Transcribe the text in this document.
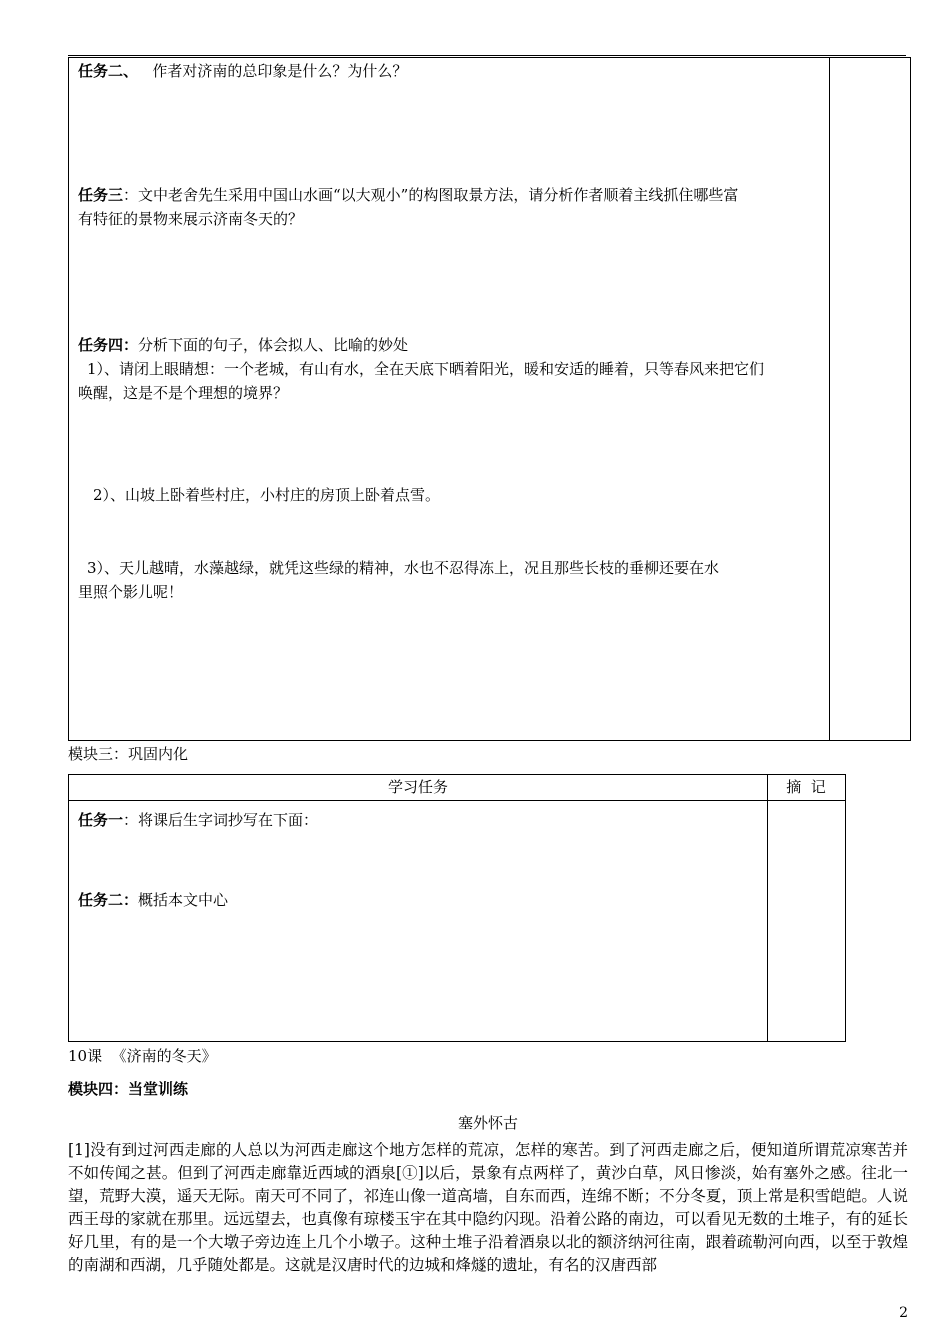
任务二、 作者对济南的总印象是什么？为什么？
任务三：文中老舍先生采用中国山水画“以大观小”的构图取景方法，请分析作者顺着主线抓住哪些富
有特征的景物来展示济南冬天的？
任务四：分析下面的句子，体会拟人、比喻的妙处
1）、请闭上眼睛想：一个老城，有山有水，全在天底下晒着阳光，暖和安适的睡着，只等春风来把它们
唤醒，这是不是个理想的境界？
2）、山坡上卧着些村庄，小村庄的房顶上卧着点雪。
3）、天儿越晴，水藻越绿，就凭这些绿的精神，水也不忍得冻上，况且那些长枝的垂柳还要在水
里照个影儿呢！
模块三：巩固内化
学习任务	摘  记
任务一：将课后生字词抄写在下面：
任务二：概括本文中心
10课  《济南的冬天》
模块四：当堂训练
塞外怀古
[1]没有到过河西走廊的人总以为河西走廊这个地方怎样的荒凉，怎样的寒苦。到了河西走廊之后，便知道所谓荒凉寒苦并不如传闻之甚。但到了河西走廊靠近西域的酒泉[①]以后，景象有点两样了，黄沙白草，风日惨淡，始有塞外之感。往北一望，荒野大漠，遥天无际。南天可不同了，祁连山像一道高墙，自东而西，连绵不断；不分冬夏，顶上常是积雪皑皑。人说西王母的家就在那里。远远望去，也真像有琼楼玉宇在其中隐约闪现。沿着公路的南边，可以看见无数的土堆子，有的延长好几里，有的是一个大墩子旁边连上几个小墩子。这种土堆子沿着酒泉以北的额济纳河往南，跟着疏勒河向西，以至于敦煌的南湖和西湖，几乎随处都是。这就是汉唐时代的边城和烽燧的遗址，有名的汉唐西部
2
